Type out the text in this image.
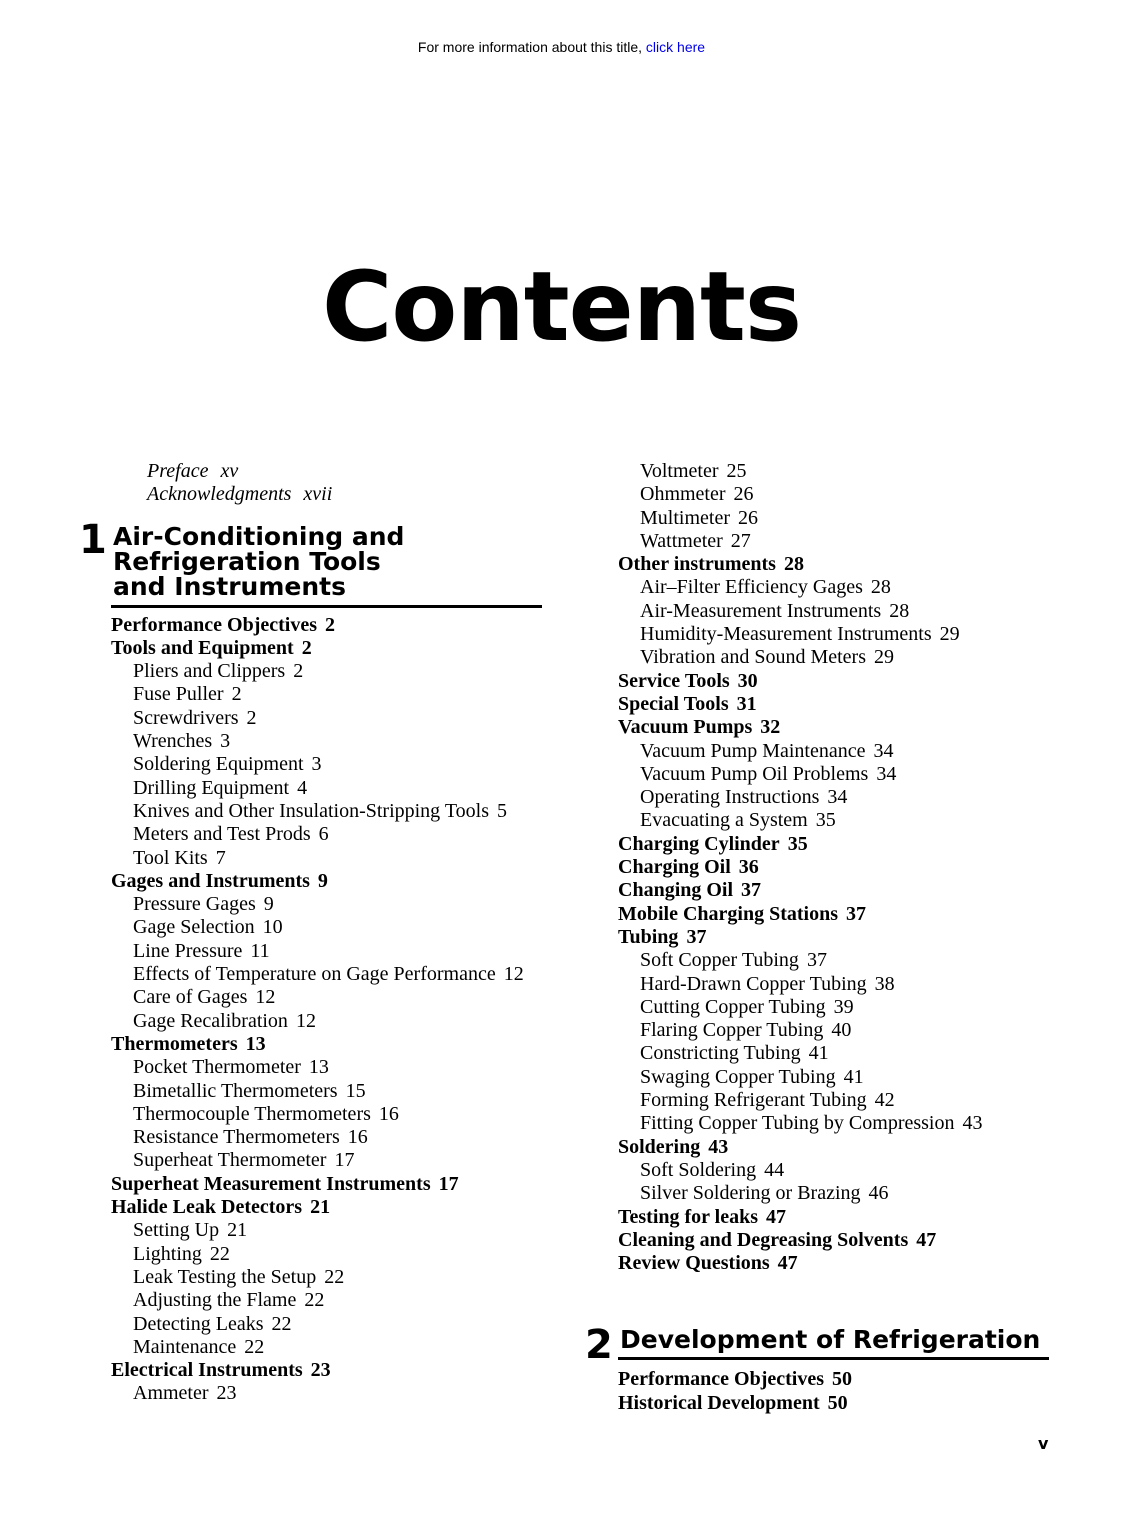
For more information about this title, click here
Contents
Preface xv
Acknowledgments xvii
1 Air-Conditioning and
Refrigeration Tools
and Instruments
Performance Objectives 2
Tools and Equipment 2
Pliers and Clippers 2
Fuse Puller 2
Screwdrivers 2
Wrenches 3
Soldering Equipment 3
Drilling Equipment 4
Knives and Other Insulation-Stripping Tools 5
Meters and Test Prods 6
Tool Kits 7
Gages and Instruments 9
Pressure Gages 9
Gage Selection 10
Line Pressure 11
Effects of Temperature on Gage Performance 12
Care of Gages 12
Gage Recalibration 12
Thermometers 13
Pocket Thermometer 13
Bimetallic Thermometers 15
Thermocouple Thermometers 16
Resistance Thermometers 16
Superheat Thermometer 17
Superheat Measurement Instruments 17
Halide Leak Detectors 21
Setting Up 21
Lighting 22
Leak Testing the Setup 22
Adjusting the Flame 22
Detecting Leaks 22
Maintenance 22
Electrical Instruments 23
Ammeter 23
Voltmeter 25
Ohmmeter 26
Multimeter 26
Wattmeter 27
Other instruments 28
Air–Filter Efficiency Gages 28
Air-Measurement Instruments 28
Humidity-Measurement Instruments 29
Vibration and Sound Meters 29
Service Tools 30
Special Tools 31
Vacuum Pumps 32
Vacuum Pump Maintenance 34
Vacuum Pump Oil Problems 34
Operating Instructions 34
Evacuating a System 35
Charging Cylinder 35
Charging Oil 36
Changing Oil 37
Mobile Charging Stations 37
Tubing 37
Soft Copper Tubing 37
Hard-Drawn Copper Tubing 38
Cutting Copper Tubing 39
Flaring Copper Tubing 40
Constricting Tubing 41
Swaging Copper Tubing 41
Forming Refrigerant Tubing 42
Fitting Copper Tubing by Compression 43
Soldering 43
Soft Soldering 44
Silver Soldering or Brazing 46
Testing for leaks 47
Cleaning and Degreasing Solvents 47
Review Questions 47
2 Development of Refrigeration
Performance Objectives 50
Historical Development 50
v
